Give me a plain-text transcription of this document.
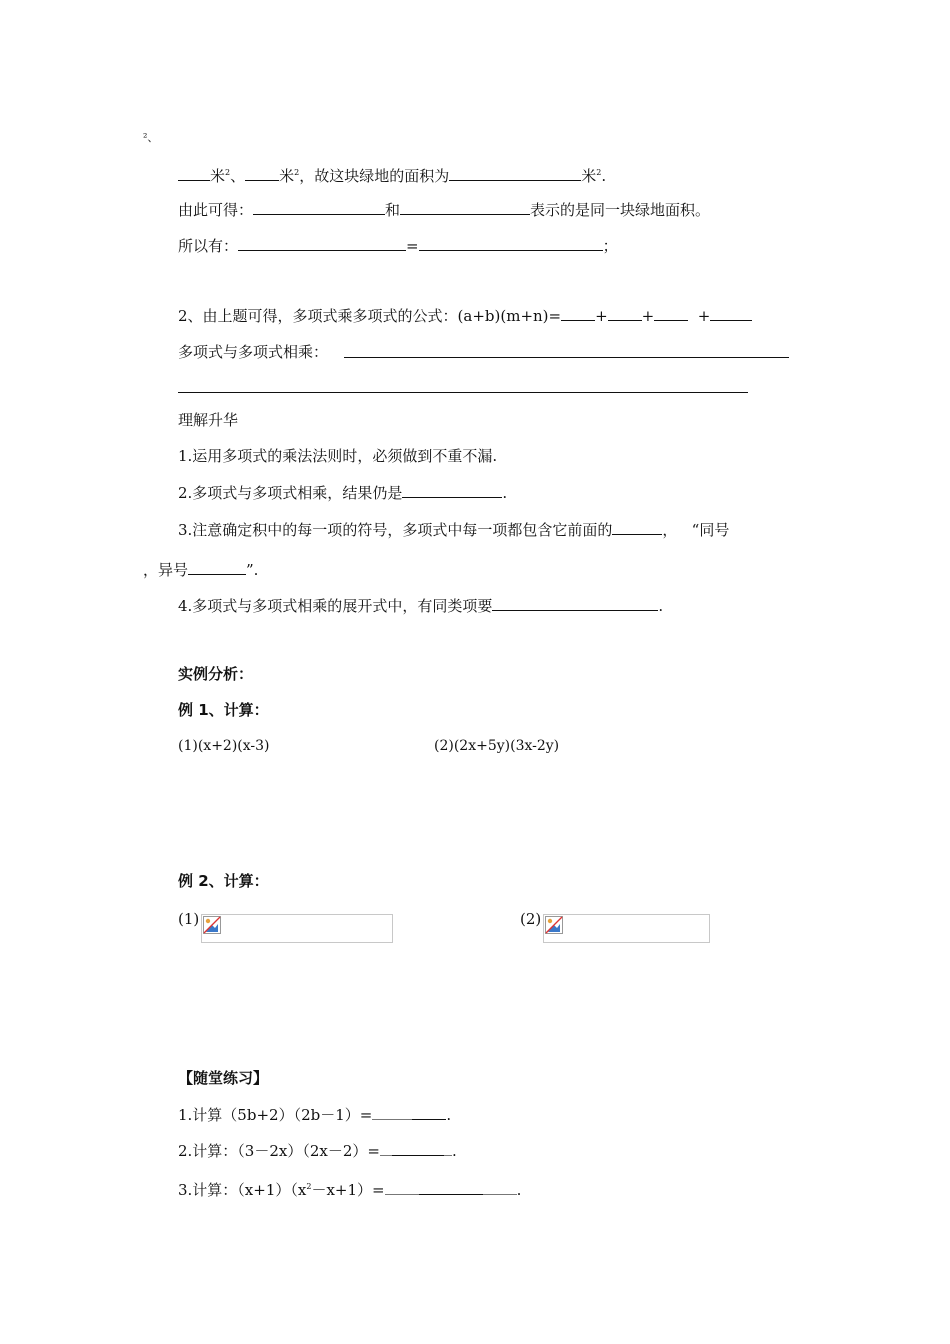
²、
米$^2$、 米$^2$，故这块绿地的面积为	米$^2$.
由此可得：	和	表示的是同一块绿地面积。
所以有：	=	；
2、由上题可得，多项式乘多项式的公式：(a+b)(m+n)= + +	+
多项式与多项式相乘：
理解升华
1.运用多项式的乘法法则时，必须做到不重不漏.
2.多项式与多项式相乘，结果仍是	.
3.注意确定积中的每一项的符号，多项式中每一项都包含它前面的	， “同号
，异号	”.
4.多项式与多项式相乘的展开式中，有同类项要	.
实例分析：
例 1、计算：
(1)(x+2)(x-3)	(2)(2x+5y)(3x-2y)
例 2、计算：
(1)	(2)
【随堂练习】
1.计算（5b+2）（2b－1）=	.
2.计算：（3－2x）（2x－2）=	.
3.计算：$(x+1)(x^2-x+1)=$	.
